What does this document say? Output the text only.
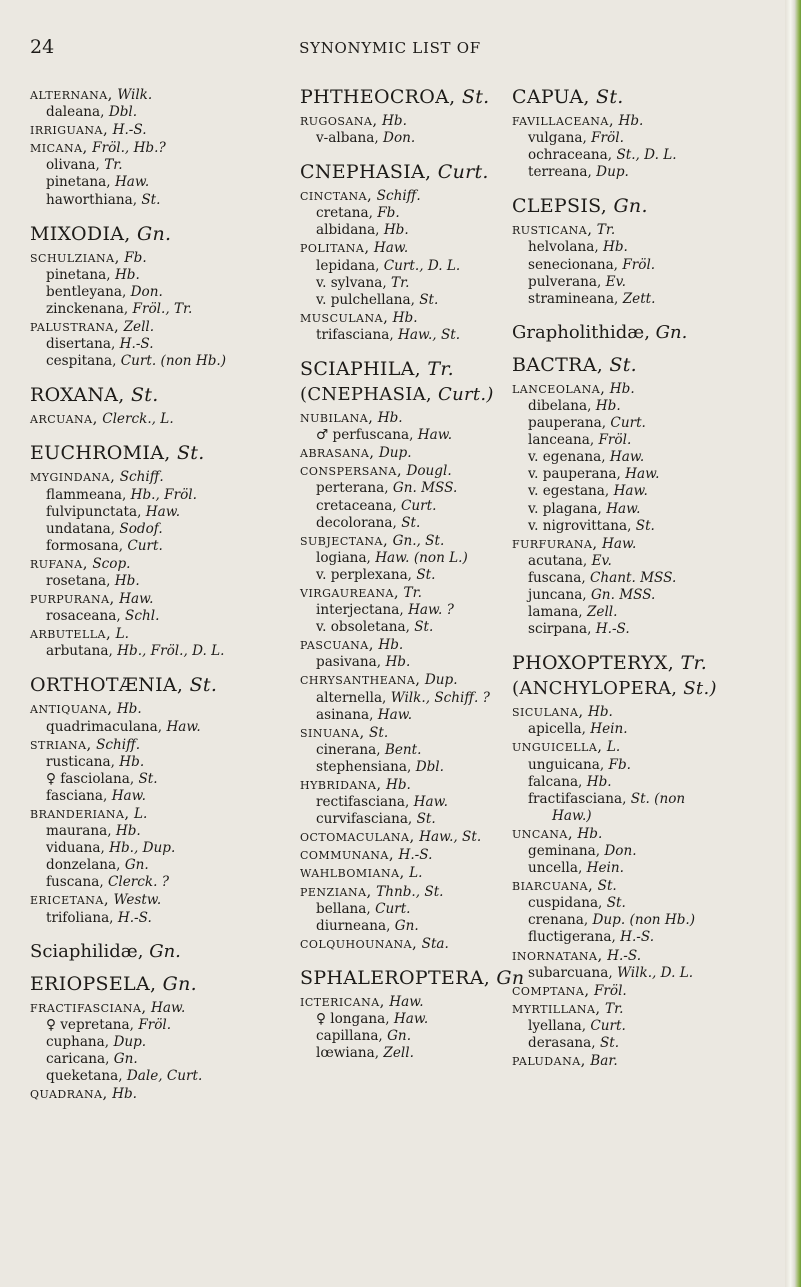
24	SYNONYMIC LIST OF
alternana, Wilk.
daleana, Dbl.
irriguana, H.-S.
micana, Fröl., Hb.?
olivana, Tr.
pinetana, Haw.
haworthiana, St.
MIXODIA, Gn.
schulziana, Fb.
pinetana, Hb.
bentleyana, Don.
zinckenana, Fröl., Tr.
palustrana, Zell.
disertana, H.-S.
cespitana, Curt. (non Hb.)
ROXANA, St.
arcuana, Clerck., L.
EUCHROMIA, St.
mygindana, Schiff.
flammeana, Hb., Fröl.
fulvipunctata, Haw.
undatana, Sodof.
formosana, Curt.
rufana, Scop.
rosetana, Hb.
purpurana, Haw.
rosaceana, Schl.
arbutella, L.
arbutana, Hb., Fröl., D. L.
ORTHOTÆNIA, St.
antiquana, Hb.
quadrimaculana, Haw.
striana, Schiff.
rusticana, Hb.
♀ fasciolana, St.
fasciana, Haw.
branderiana, L.
maurana, Hb.
viduana, Hb., Dup.
donzelana, Gn.
fuscana, Clerck. ?
ericetana, Westw.
trifoliana, H.-S.
Sciaphilidæ, Gn.
ERIOPSELA, Gn.
fractifasciana, Haw.
♀ vepretana, Fröl.
cuphana, Dup.
caricana, Gn.
queketana, Dale, Curt.
quadrana, Hb.
PHTHEOCROA, St.
rugosana, Hb.
v-albana, Don.
CNEPHASIA, Curt.
cinctana, Schiff.
cretana, Fb.
albidana, Hb.
politana, Haw.
lepidana, Curt., D. L.
v. sylvana, Tr.
v. pulchellana, St.
musculana, Hb.
trifasciana, Haw., St.
SCIAPHILA, Tr.
(CNEPHASIA, Curt.)
nubilana, Hb.
♂ perfuscana, Haw.
abrasana, Dup.
conspersana, Dougl.
perterana, Gn. MSS.
cretaceana, Curt.
decolorana, St.
subjectana, Gn., St.
logiana, Haw. (non L.)
v. perplexana, St.
virgaureana, Tr.
interjectana, Haw. ?
v. obsoletana, St.
pascuana, Hb.
pasivana, Hb.
chrysantheana, Dup.
alternella, Wilk., Schiff. ?
asinana, Haw.
sinuana, St.
cinerana, Bent.
stephensiana, Dbl.
hybridana, Hb.
rectifasciana, Haw.
curvifasciana, St.
octomaculana, Haw., St.
communana, H.-S.
wahlbomiana, L.
penziana, Thnb., St.
bellana, Curt.
diurneana, Gn.
colquhounana, Sta.
SPHALEROPTERA, Gn
ictericana, Haw.
♀ longana, Haw.
capillana, Gn.
lœwiana, Zell.
CAPUA, St.
favillaceana, Hb.
vulgana, Fröl.
ochraceana, St., D. L.
terreana, Dup.
CLEPSIS, Gn.
rusticana, Tr.
helvolana, Hb.
senecionana, Fröl.
pulverana, Ev.
stramineana, Zett.
Grapholithidæ, Gn.
BACTRA, St.
lanceolana, Hb.
dibelana, Hb.
pauperana, Curt.
lanceana, Fröl.
v. egenana, Haw.
v. pauperana, Haw.
v. egestana, Haw.
v. plagana, Haw.
v. nigrovittana, St.
furfurana, Haw.
acutana, Ev.
fuscana, Chant. MSS.
juncana, Gn. MSS.
lamana, Zell.
scirpana, H.-S.
PHOXOPTERYX, Tr.
(ANCHYLOPERA, St.)
siculana, Hb.
apicella, Hein.
unguicella, L.
unguicana, Fb.
falcana, Hb.
fractifasciana, St. (non
Haw.)
uncana, Hb.
geminana, Don.
uncella, Hein.
biarcuana, St.
cuspidana, St.
crenana, Dup. (non Hb.)
fluctigerana, H.-S.
inornatana, H.-S.
subarcuana, Wilk., D. L.
comptana, Fröl.
myrtillana, Tr.
lyellana, Curt.
derasana, St.
paludana, Bar.
